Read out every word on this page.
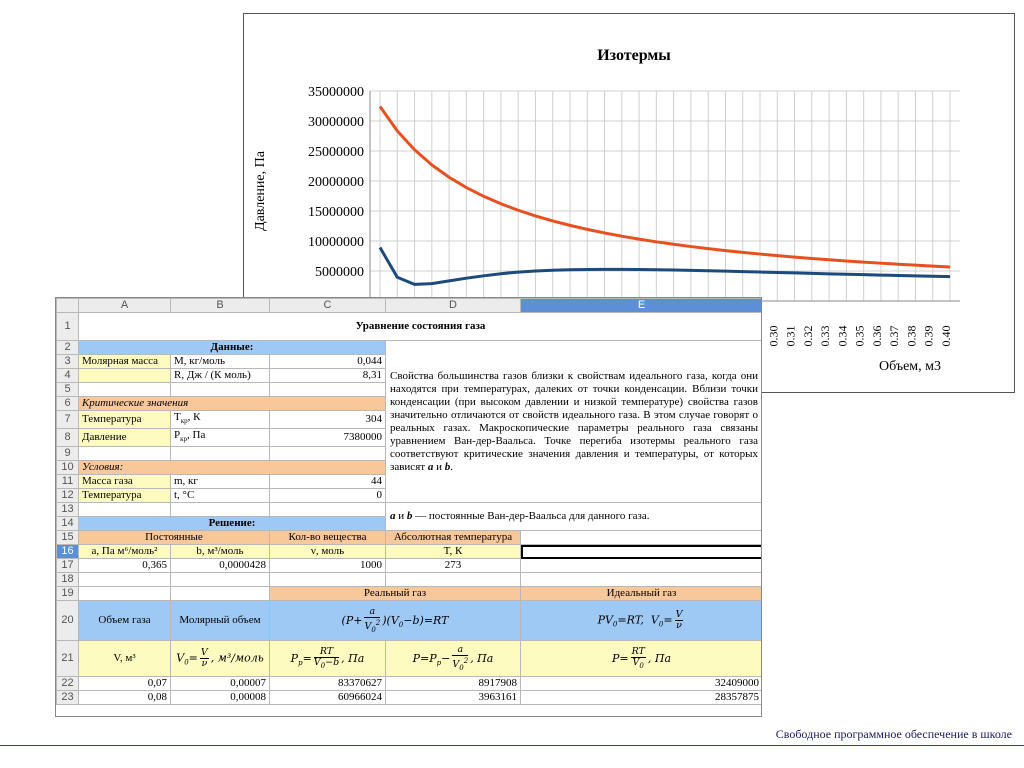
Изотермы
35000000
30000000
25000000
20000000
15000000
10000000
5000000
Давление, Па
0.30 0.31 0.32 0.33 0.34 0.35 0.36 0.37 0.38 0.39 0.40
Объем, м3
	A	B	C	D	E
1	Уравнение состояния газа				
2	Данные:			Свойства большинства газов близки к свойствам идеального газа, когда они находятся при температурах, далеких от точки конденсации. Вблизи точки конденсации (при высоком давлении и низкой температуре) свойства газов значительно отличаются от свойств идеального газа. В этом случае говорят о реальных газах. Макроскопические параметры реального газа связаны уравнением Ван-дер-Ваальса. Точке перегиба изотермы реального газа соответствуют критические значения давления и температуры, от которых зависят a и b.	
3	Молярная масса	М, кг/моль	0,044		
4		R, Дж / (К моль)	8,31		
5					
6	Критические значения				
7	Температура	$T_{кр}$, К	304		
8	Давление	$P_{кр}$, Па	7380000		
9					
10	Условия:				
11	Масса газа	m, кг	44		
12	Температура	t, °С	0		
13				a и b — постоянные Ван-дер-Ваальса для данного газа.	
14	Решение:				
15	Постоянные		Кол-во вещества	Абсолютная температура	
16	a, Па м⁶/моль²	b, м³/моль	ν, моль	T, К	
17	0,365	0,0000428	1000	273	
18					
19			Реальный газ		Идеальный газ
20	Объем газа	Молярный объем	$(P+ \frac{a}{V_0^2} )(V_0-b)=RT$		$PV_0=RT$,  $V_0= \frac{V}{\nu}$

21	V, м³	$V_0= \frac{V}{\nu}$ , м³/моль	$P_p= \frac{RT}{V_0-b}$ , Па	$P=P_p- \frac{a}{V_0^2}$ , Па	$P= \frac{RT}{V_0}$ , Па
22	0,07	0,00007	83370627	8917908	32409000
23	0,08	0,00008	60966024	3963161	28357875
Свободное программное обеспечение в школе
